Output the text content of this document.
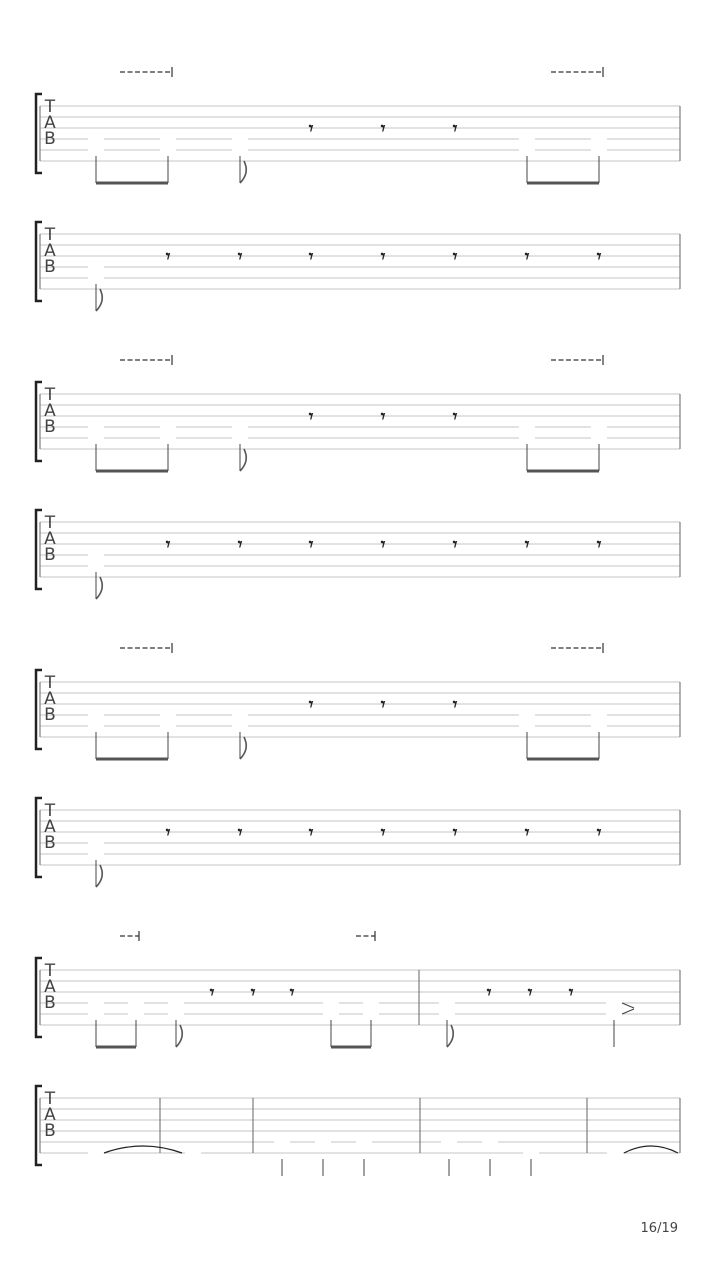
T
A
B	𝄾	𝄾	𝄾
T
A
B	𝄾	𝄾	𝄾	𝄾	𝄾	𝄾	𝄾
T
A
B	𝄾	𝄾	𝄾
T
A
B	𝄾	𝄾	𝄾	𝄾	𝄾	𝄾	𝄾
T
A
B	𝄾	𝄾	𝄾
T
A
B	𝄾	𝄾	𝄾	𝄾	𝄾	𝄾	𝄾
T
A
B	𝄾 𝄾 𝄾	𝄾 𝄾 𝄾
T
A
B
16/19
